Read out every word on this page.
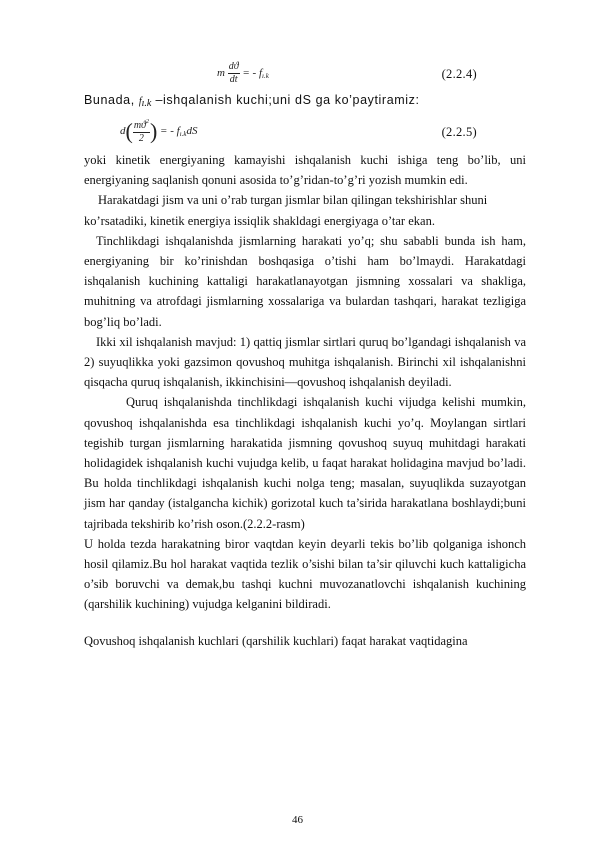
m $\frac{dϑ}{dt}$ = - $f_{ı.k}$	(2.2.4)
Bunada, $f_{ı.k}$ –ishqalanish kuchi;uni dS ga ko’paytiramiz:
$d( \frac{mϑ^2}{2}$ ) = - $f_{ı.k}dS$	(2.2.5)

yoki kinetik energiyaning kamayishi ishqalanish kuchi ishiga teng bo’lib, uni energiyaning saqlanish qonuni asosida to’g’ridan-to’g’ri yozish mumkin edi.

Harakatdagi jism va uni o’rab turgan jismlar bilan qilingan tekshirishlar shuni ko’rsatadiki, kinetik energiya issiqlik shakldagi energiyaga o’tar ekan.

Tinchlikdagi ishqalanishda jismlarning harakati yo’q; shu sababli bunda ish ham, energiyaning bir ko’rinishdan boshqasiga o’tishi ham bo’lmaydi. Harakatdagi ishqalanish kuchining kattaligi harakatlanayotgan jismning xossalari va shakliga, muhitning va atrofdagi jismlarning xossalariga va bulardan tashqari, harakat tezligiga bog’liq bo’ladi.

Ikki xil ishqalanish mavjud: 1) qattiq jismlar sirtlari quruq bo’lgandagi ishqalanish va 2) suyuqlikka yoki gazsimon qovushoq muhitga ishqalanish. Birinchi xil ishqalanishni qisqacha quruq ishqalanish, ikkinchisini—qovushoq ishqalanish deyiladi.

Quruq ishqalanishda tinchlikdagi ishqalanish kuchi vijudga kelishi mumkin, qovushoq ishqalanishda esa tinchlikdagi ishqalanish kuchi yo’q. Moylangan sirtlari tegishib turgan jismlarning harakatida jismning qovushoq suyuq muhitdagi harakati holidagidek ishqalanish kuchi vujudga kelib, u faqat harakat holidagina mavjud bo’ladi. Bu holda tinchlikdagi ishqalanish kuchi nolga teng; masalan, suyuqlikda suzayotgan jism har qanday (istalgancha kichik) gorizotal kuch ta’sirida harakatlana boshlaydi;buni tajribada tekshirib ko’rish oson.(2.2.2-rasm)

U holda tezda harakatning biror vaqtdan keyin deyarli tekis bo’lib qolganiga ishonch hosil qilamiz.Bu hol harakat vaqtida tezlik o’sishi bilan ta’sir qiluvchi kuch kattaligicha o’sib boruvchi va demak,bu tashqi kuchni muvozanatlovchi ishqalanish kuchining (qarshilik kuchining) vujudga kelganini bildiradi.

Qovushoq ishqalanish kuchlari (qarshilik kuchlari) faqat harakat vaqtidagina

46
